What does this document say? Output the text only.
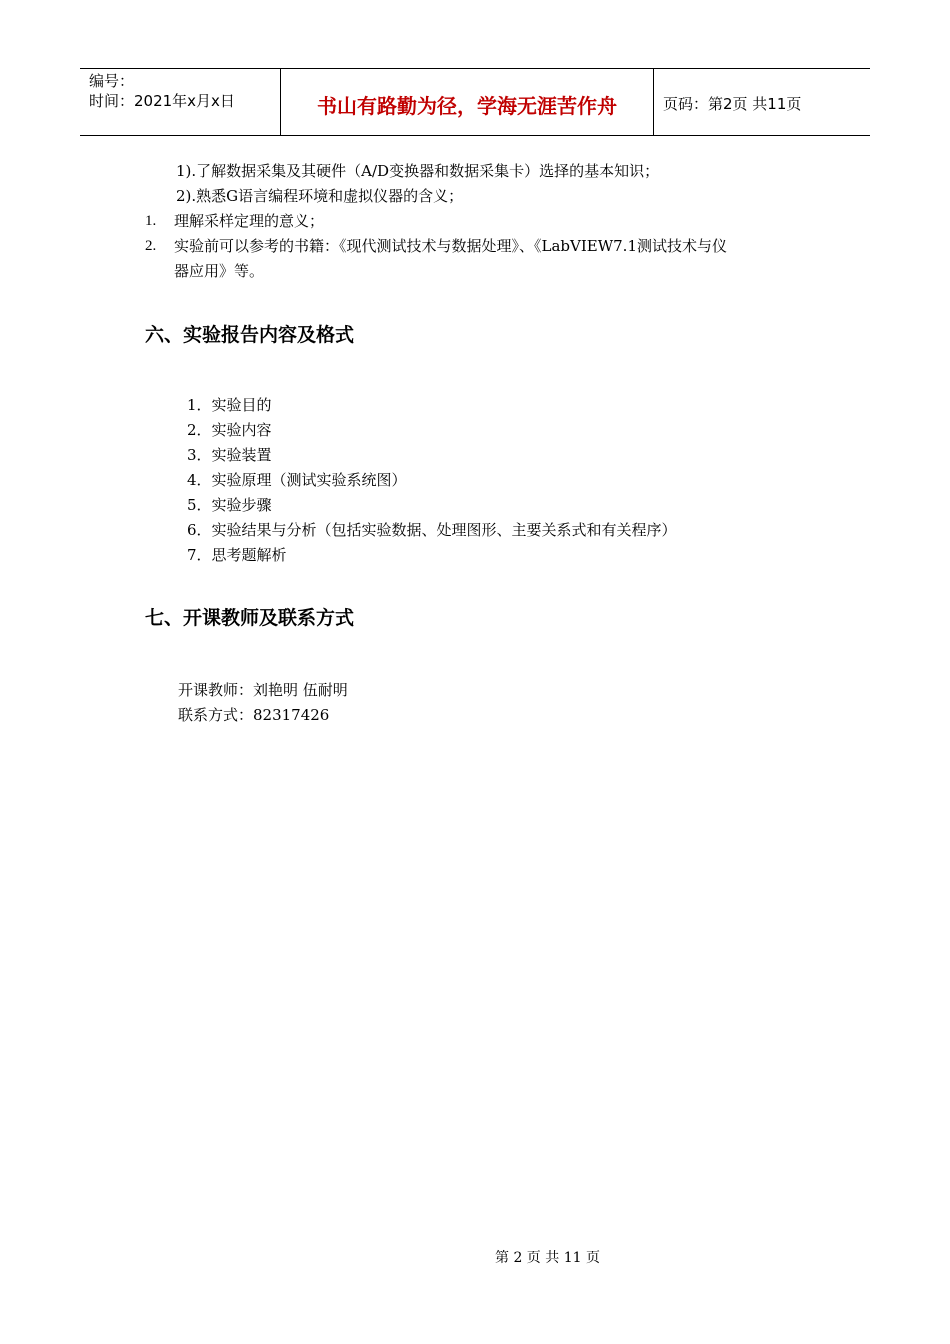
编号：
时间：2021年x月x日	书山有路勤为径，学海无涯苦作舟	页码：第2页 共11页
1).了解数据采集及其硬件（A/D变换器和数据采集卡）选择的基本知识；
2).熟悉G语言编程环境和虚拟仪器的含义；
1. 理解采样定理的意义；
2. 实验前可以参考的书籍：《现代测试技术与数据处理》、《LabVIEW7.1测试技术与仪
器应用》等。
六、实验报告内容及格式
1．实验目的
2．实验内容
3．实验装置
4．实验原理（测试实验系统图）
5．实验步骤
6．实验结果与分析（包括实验数据、处理图形、主要关系式和有关程序）
7．思考题解析
七、开课教师及联系方式
开课教师：刘艳明 伍耐明
联系方式：82317426
第 2 页 共 11 页
